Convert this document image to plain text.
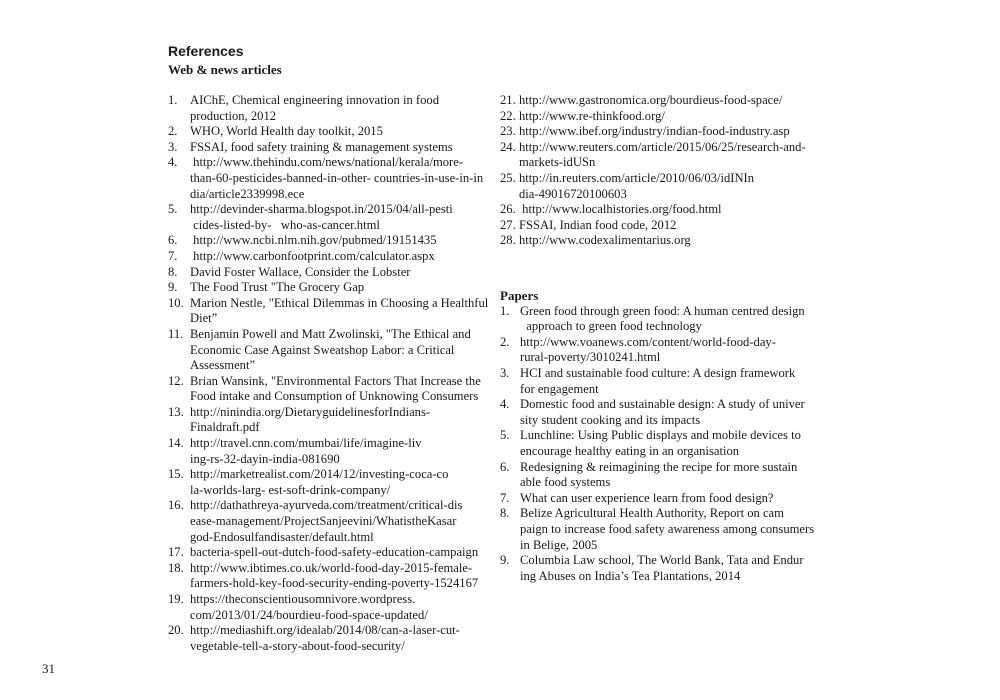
References
Web & news articles
1. AIChE, Chemical engineering innovation in food
production, 2012
2. WHO, World Health day toolkit, 2015
3. FSSAI, food safety training & management systems
4. http://www.thehindu.com/news/national/kerala/more-
than-60-pesticides-banned-in-other- countries-in-use-in-in
dia/article2339998.ece
5. http://devinder-sharma.blogspot.in/2015/04/all-pesti
cides-listed-by-   who-as-cancer.html
6. http://www.ncbi.nlm.nih.gov/pubmed/19151435
7. http://www.carbonfootprint.com/calculator.aspx
8. David Foster Wallace, Consider the Lobster
9. The Food Trust "The Grocery Gap
10. Marion Nestle, "Ethical Dilemmas in Choosing a Healthful
Diet”
11. Benjamin Powell and Matt Zwolinski, "The Ethical and
Economic Case Against Sweatshop Labor: a Critical
Assessment”
12. Brian Wansink, "Environmental Factors That Increase the
Food intake and Consumption of Unknowing Consumers
13. http://ninindia.org/DietaryguidelinesforIndians-
Finaldraft.pdf
14. http://travel.cnn.com/mumbai/life/imagine-liv
ing-rs-32-dayin-india-081690
15. http://marketrealist.com/2014/12/investing-coca-co
la-worlds-larg- est-soft-drink-company/
16. http://dathathreya-ayurveda.com/treatment/critical-dis
ease-management/ProjectSanjeevini/WhatistheKasar
god-Endosulfandisaster/default.html
17. bacteria-spell-out-dutch-food-safety-education-campaign
18. http://www.ibtimes.co.uk/world-food-day-2015-female-
farmers-hold-key-food-security-ending-poverty-1524167
19. https://theconscientiousomnivore.wordpress.
com/2013/01/24/bourdieu-food-space-updated/
20. http://mediashift.org/idealab/2014/08/can-a-laser-cut-
vegetable-tell-a-story-about-food-security/
21. http://www.gastronomica.org/bourdieus-food-space/
22. http://www.re-thinkfood.org/
23. http://www.ibef.org/industry/indian-food-industry.asp
24. http://www.reuters.com/article/2015/06/25/research-and-
markets-idUSn
25. http://in.reuters.com/article/2010/06/03/idINIn
dia-49016720100603
26. http://www.localhistories.org/food.html
27. FSSAI, Indian food code, 2012
28. http://www.codexalimentarius.org
Papers
1. Green food through green food: A human centred design
approach to green food technology
2. http://www.voanews.com/content/world-food-day-
rural-poverty/3010241.html
3. HCI and sustainable food culture: A design framework
for engagement
4. Domestic food and sustainable design: A study of univer
sity student cooking and its impacts
5. Lunchline: Using Public displays and mobile devices to
encourage healthy eating in an organisation
6. Redesigning & reimagining the recipe for more sustain
able food systems
7. What can user experience learn from food design?
8. Belize Agricultural Health Authority, Report on cam
paign to increase food safety awareness among consumers
in Belige, 2005
9. Columbia Law school, The World Bank, Tata and Endur
ing Abuses on India’s Tea Plantations, 2014
31
